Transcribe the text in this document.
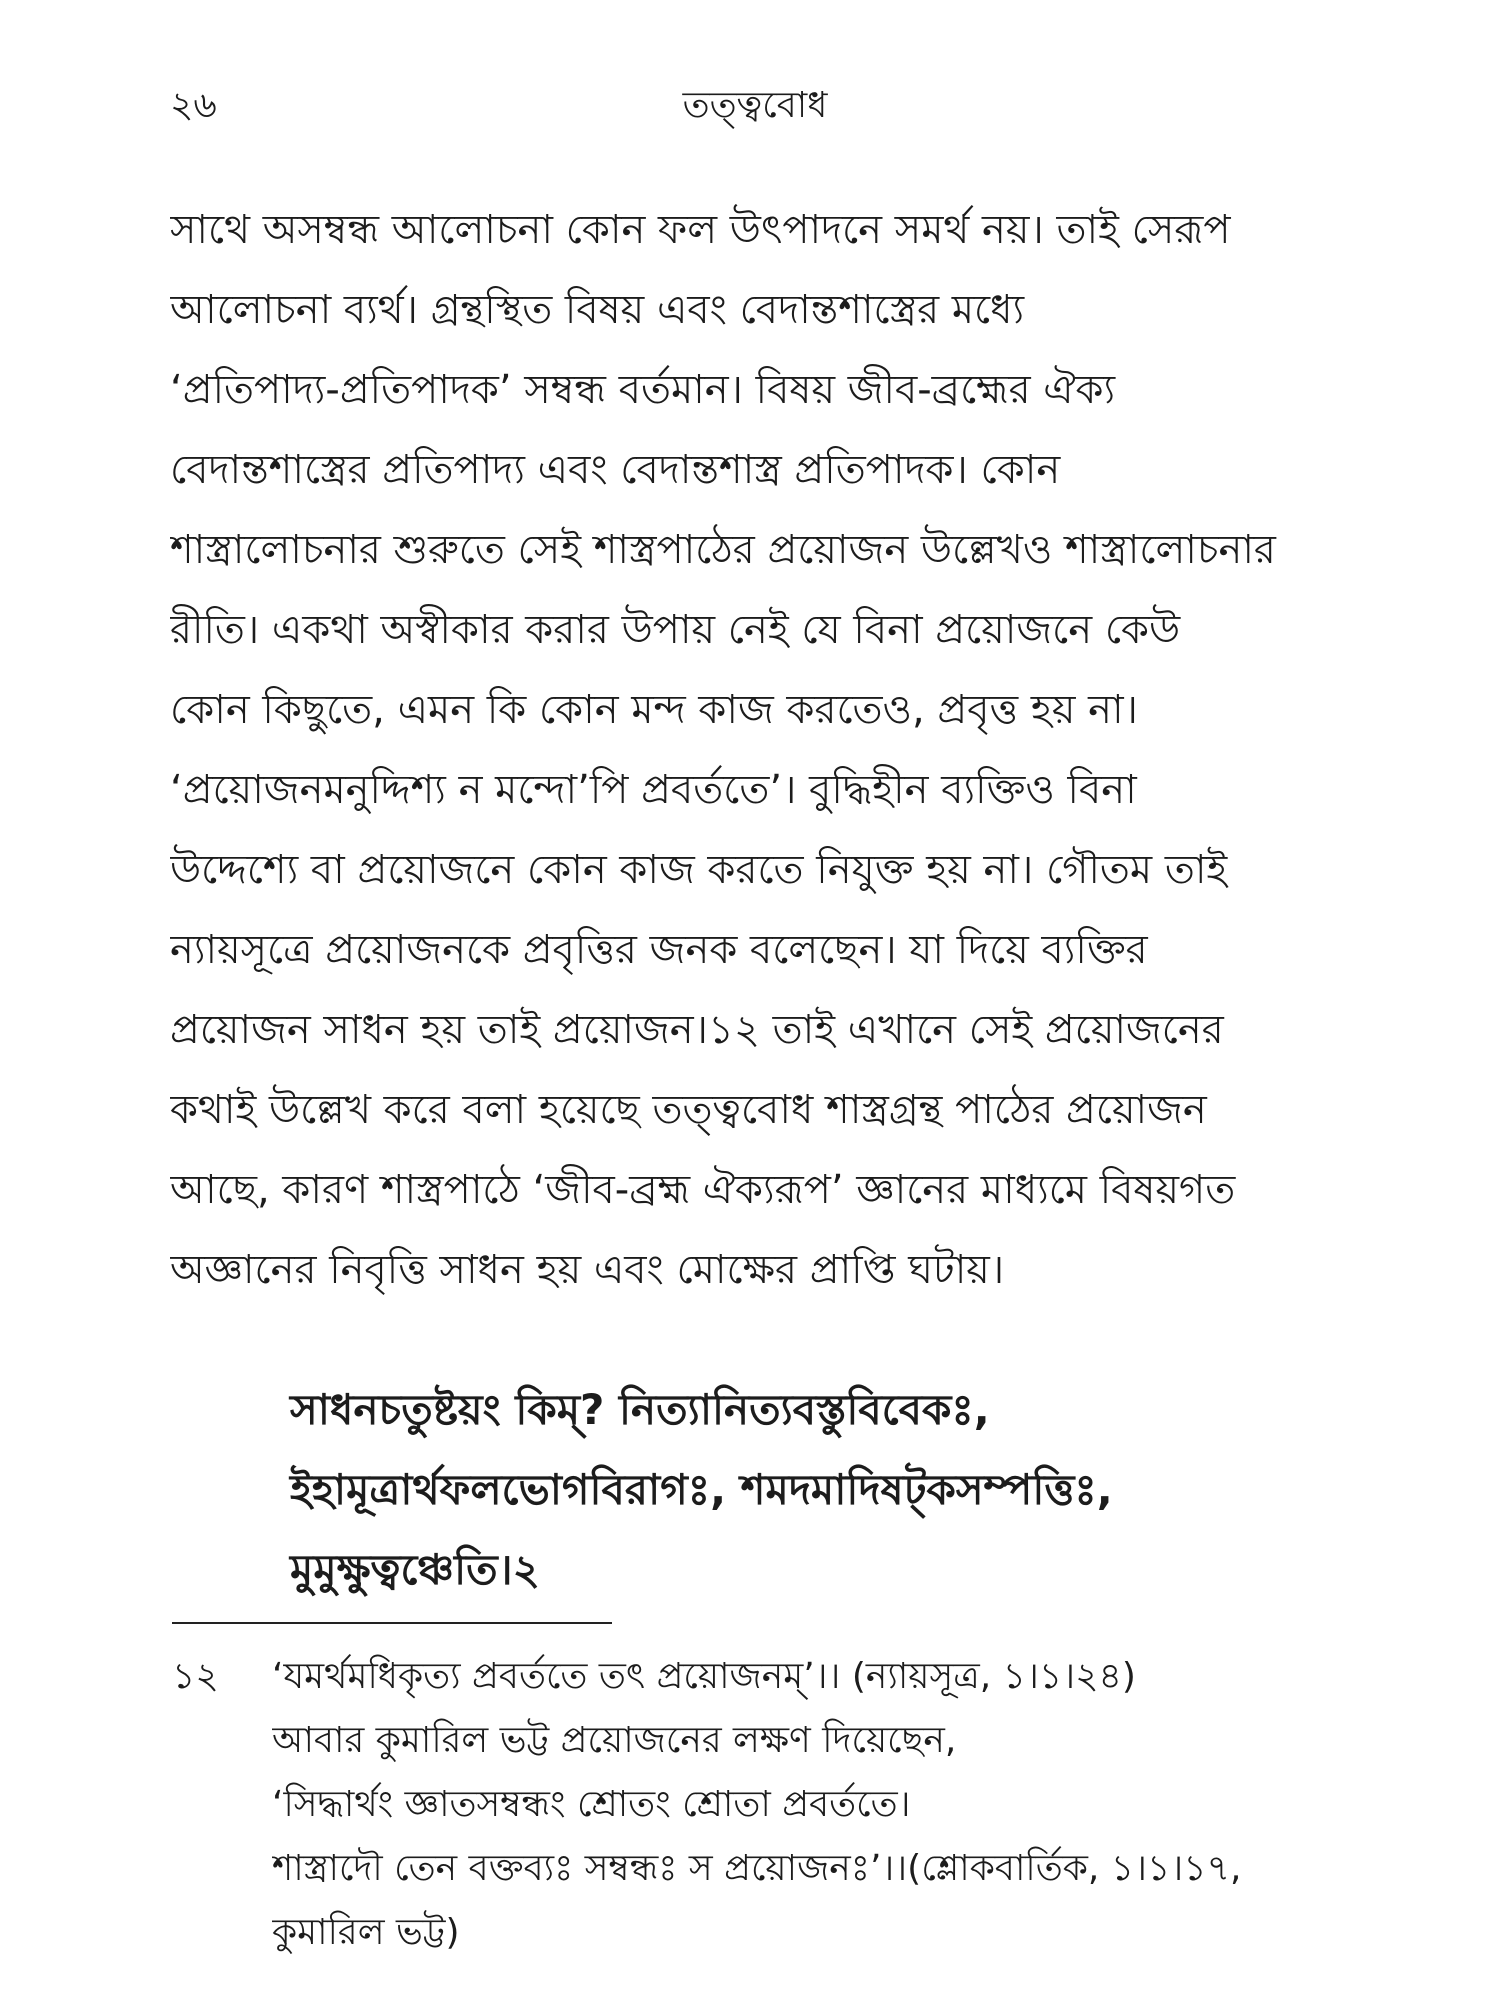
২৬	তত্ত্ববোধ
সাথে অসম্বন্ধ আলোচনা কোন ফল উৎপাদনে সমর্থ নয়। তাই সেরূপ
আলোচনা ব্যর্থ। গ্রন্থস্থিত বিষয় এবং বেদান্তশাস্ত্রের মধ্যে
‘প্রতিপাদ্য-প্রতিপাদক’ সম্বন্ধ বর্তমান। বিষয় জীব-ব্রহ্মের ঐক্য
বেদান্তশাস্ত্রের প্রতিপাদ্য এবং বেদান্তশাস্ত্র প্রতিপাদক। কোন
শাস্ত্রালোচনার শুরুতে সেই শাস্ত্রপাঠের প্রয়োজন উল্লেখও শাস্ত্রালোচনার
রীতি। একথা অস্বীকার করার উপায় নেই যে বিনা প্রয়োজনে কেউ
কোন কিছুতে, এমন কি কোন মন্দ কাজ করতেও, প্রবৃত্ত হয় না।
‘প্রয়োজনমনুদ্দিশ্য ন মন্দো’পি প্রবর্ততে’। বুদ্ধিহীন ব্যক্তিও বিনা
উদ্দেশ্যে বা প্রয়োজনে কোন কাজ করতে নিযুক্ত হয় না। গৌতম তাই
ন্যায়সূত্রে প্রয়োজনকে প্রবৃত্তির জনক বলেছেন। যা দিয়ে ব্যক্তির
প্রয়োজন সাধন হয় তাই প্রয়োজন।১২ তাই এখানে সেই প্রয়োজনের
কথাই উল্লেখ করে বলা হয়েছে তত্ত্ববোধ শাস্ত্রগ্রন্থ পাঠের প্রয়োজন
আছে, কারণ শাস্ত্রপাঠে ‘জীব-ব্রহ্ম ঐক্যরূপ’ জ্ঞানের মাধ্যমে বিষয়গত
অজ্ঞানের নিবৃত্তি সাধন হয় এবং মোক্ষের প্রাপ্তি ঘটায়।
সাধনচতুষ্টয়ং কিম্? নিত্যানিত্যবস্তুবিবেকঃ,
ইহামূত্রার্থফলভোগবিরাগঃ, শমদমাদিষট্কসম্পত্তিঃ,
মুমুক্ষুত্বঞ্চেতি।২
১২ ‘যমর্থমধিকৃত্য প্রবর্ততে তৎ প্রয়োজনম্’।। (ন্যায়সূত্র, ১।১।২৪)
আবার কুমারিল ভট্ট প্রয়োজনের লক্ষণ দিয়েছেন,
‘সিদ্ধার্থং জ্ঞাতসম্বন্ধং শ্রোতং শ্রোতা প্রবর্ততে।
শাস্ত্রাদৌ তেন বক্তব্যঃ সম্বন্ধঃ স প্রয়োজনঃ’।।(শ্লোকবার্তিক, ১।১।১৭,
কুমারিল ভট্ট)
